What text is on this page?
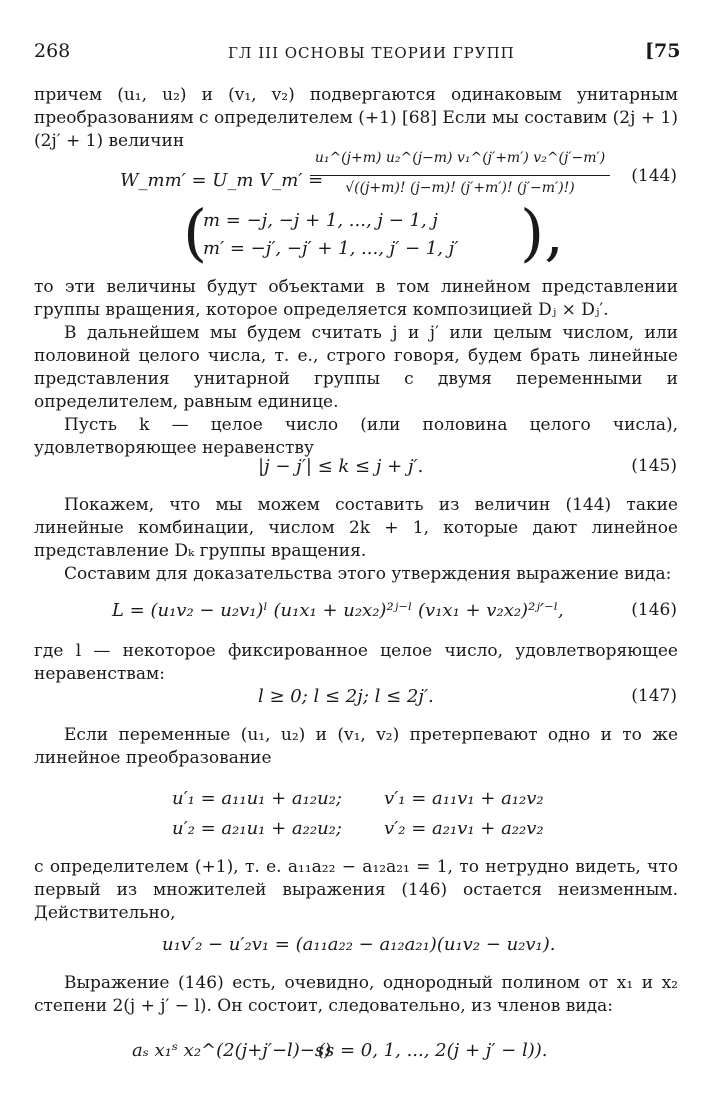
268	ГЛ III ОСНОВЫ ТЕОРИИ ГРУПП	[75
причем (u₁, u₂) и (v₁, v₂) подвергаются одинаковым унитарным преобразованиям с определителем (+1) [68] Если мы составим (2j + 1)(2j′ + 1) величин
W_mm′ = U_m V_m′ =
u₁^(j+m) u₂^(j−m) v₁^(j′+m′) v₂^(j′−m′)
√((j+m)! (j−m)! (j′+m′)! (j′−m′)!)
(144)
(
m = −j, −j + 1, ..., j − 1, j
m′ = −j′, −j′ + 1, ..., j′ − 1, j′ ),
то эти величины будут объектами в том линейном представлении группы вращения, которое определяется композицией Dⱼ × Dⱼ′.
В дальнейшем мы будем считать j и j′ или целым числом, или половиной целого числа, т. е., строго говоря, будем брать линейные представления унитарной группы с двумя переменными и определителем, равным единице.
Пусть k — целое число (или половина целого числа), удовлетворяющее неравенству
|j − j′| ≤ k ≤ j + j′.	(145)
Покажем, что мы можем составить из величин (144) такие линейные комбинации, числом 2k + 1, которые дают линейное представление Dₖ группы вращения.
Составим для доказательства этого утверждения выражение вида:
L = (u₁v₂ − u₂v₁)ˡ (u₁x₁ + u₂x₂)²ʲ⁻ˡ (v₁x₁ + v₂x₂)²ʲ′⁻ˡ,	(146)
где l — некоторое фиксированное целое число, удовлетворяющее неравенствам:
l ≥ 0; l ≤ 2j; l ≤ 2j′.	(147)
Если переменные (u₁, u₂) и (v₁, v₂) претерпевают одно и то же линейное преобразование
u′₁ = a₁₁u₁ + a₁₂u₂; v′₁ = a₁₁v₁ + a₁₂v₂
u′₂ = a₂₁u₁ + a₂₂u₂; v′₂ = a₂₁v₁ + a₂₂v₂
с определителем (+1), т. е. a₁₁a₂₂ − a₁₂a₂₁ = 1, то нетрудно видеть, что первый из множителей выражения (146) остается неизменным. Действительно,
u₁v′₂ − u′₂v₁ = (a₁₁a₂₂ − a₁₂a₂₁)(u₁v₂ − u₂v₁).
Выражение (146) есть, очевидно, однородный полином от x₁ и x₂ степени 2(j + j′ − l). Он состоит, следовательно, из членов вида:
aₛ x₁ˢ x₂^(2(j+j′−l)−s)
(s = 0, 1, ..., 2(j + j′ − l)).
